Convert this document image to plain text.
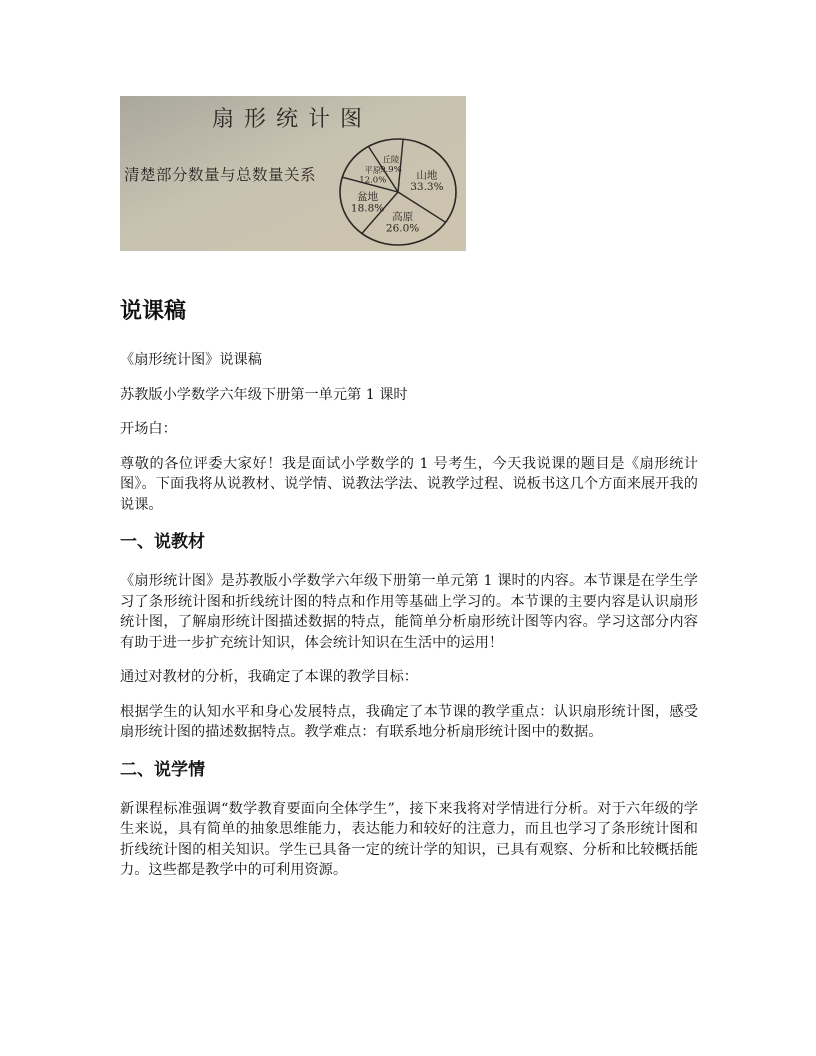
扇形统计图
清楚部分数量与总数量关系	山地
33.3%
高原
26.0%
盆地
18.8%
平原
12.0%
丘陵
9.9%
说课稿

《扇形统计图》说课稿

苏教版小学数学六年级下册第一单元第 1 课时

开场白：

尊敬的各位评委大家好！我是面试小学数学的 1 号考生，今天我说课的题目是《扇形统计图》。下面我将从说教材、说学情、说教法学法、说教学过程、说板书这几个方面来展开我的说课。

一、说教材

《扇形统计图》是苏教版小学数学六年级下册第一单元第 1 课时的内容。本节课是在学生学习了条形统计图和折线统计图的特点和作用等基础上学习的。本节课的主要内容是认识扇形统计图，了解扇形统计图描述数据的特点，能简单分析扇形统计图等内容。学习这部分内容有助于进一步扩充统计知识，体会统计知识在生活中的运用！

通过对教材的分析，我确定了本课的教学目标：

根据学生的认知水平和身心发展特点，我确定了本节课的教学重点：认识扇形统计图，感受扇形统计图的描述数据特点。教学难点：有联系地分析扇形统计图中的数据。

二、说学情

新课程标准强调“数学教育要面向全体学生”，接下来我将对学情进行分析。对于六年级的学生来说，具有简单的抽象思维能力，表达能力和较好的注意力，而且也学习了条形统计图和折线统计图的相关知识。学生已具备一定的统计学的知识，已具有观察、分析和比较概括能力。这些都是教学中的可利用资源。
